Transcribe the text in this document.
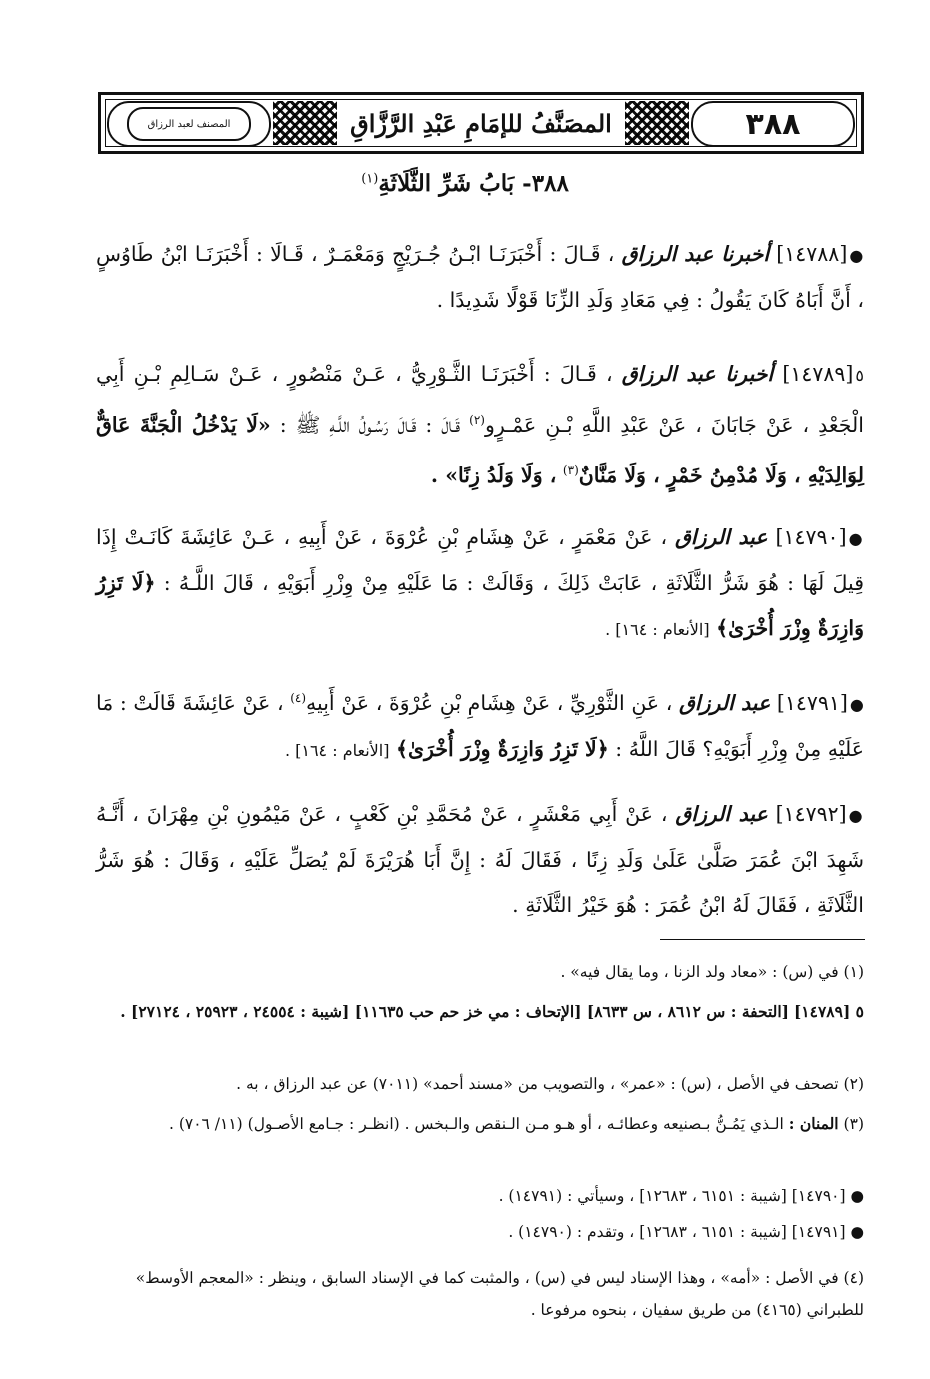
٣٨٨
المصَنَّفُ للإمَامِ عَبْدِ الرَّزَّاقِ
المصنف لعبد الرزاق
٣٨٨- بَابُ شَرِّ الثَّلَاثَةِ$^{(١)}$
●[١٤٧٨٨] أخبرنا عبد الرزاق ، قَـالَ : أَخْبَرَنَـا ابْـنُ جُـرَيْجٍ وَمَعْمَـرٌ ، قَـالَا : أَخْبَرَنَـا ابْنُ طَاوُسٍ ، أَنَّ أَبَاهُ كَانَ يَقُولُ : فِي مَعَادِ وَلَدِ الزِّنَا قَوْلًا شَدِيدًا .
٥[١٤٧٨٩] أخبرنا عبد الرزاق ، قَـالَ : أَخْبَرَنَـا الثَّـوْرِيُّ ، عَـنْ مَنْصُورٍ ، عَـنْ سَـالِمِ بْـنِ أَبِي الْجَعْدِ ، عَنْ جَابَانَ ، عَنْ عَبْدِ اللَّهِ بْـنِ عَمْـرٍو$^{(٢)}$ قَـالَ : قَـالَ رَسُـولُ اللَّـهِ ﷺ : «لَا يَدْخُلُ الْجَنَّةَ عَاقٌّ لِوَالِدَيْهِ ، وَلَا مُدْمِنُ خَمْرٍ ، وَلَا مَنَّانٌ$^{(٣)}$ ، وَلَا وَلَدُ زِنًا» .
●[١٤٧٩٠] عبد الرزاق ، عَنْ مَعْمَرٍ ، عَنْ هِشَامِ بْنِ عُرْوَةَ ، عَنْ أَبِيهِ ، عَـنْ عَائِشَةَ كَانَـتْ إِذَا قِيلَ لَهَا : هُوَ شَرُّ الثَّلَاثَةِ ، عَابَتْ ذَلِكَ ، وَقَالَتْ : مَا عَلَيْهِ مِنْ وِزْرِ أَبَوَيْهِ ، قَالَ اللَّـهُ : ﴿لَا تَزِرُ وَازِرَةٌ وِزْرَ أُخْرَىٰ﴾ [الأنعام : ١٦٤] .
●[١٤٧٩١] عبد الرزاق ، عَنِ الثَّوْرِيِّ ، عَنْ هِشَامِ بْنِ عُرْوَةَ ، عَنْ أَبِيهِ$^{(٤)}$ ، عَنْ عَائِشَةَ قَالَتْ : مَا عَلَيْهِ مِنْ وِزْرِ أَبَوَيْهِ؟ قَالَ اللَّهُ : ﴿لَا تَزِرُ وَازِرَةٌ وِزْرَ أُخْرَىٰ﴾ [الأنعام : ١٦٤] .
●[١٤٧٩٢] عبد الرزاق ، عَنْ أَبِي مَعْشَرٍ ، عَنْ مُحَمَّدِ بْنِ كَعْبٍ ، عَنْ مَيْمُونِ بْنِ مِهْرَانَ ، أَنَّـهُ شَهِدَ ابْنَ عُمَرَ صَلَّىٰ عَلَىٰ وَلَدِ زِنًا ، فَقَالَ لَهُ : إِنَّ أَبَا هُرَيْرَةَ لَمْ يُصَلِّ عَلَيْهِ ، وَقَالَ : هُوَ شَرُّ الثَّلَاثَةِ ، فَقَالَ لَهُ ابْنُ عُمَرَ : هُوَ خَيْرُ الثَّلَاثَةِ .
(١) في (س) : «معاد ولد الزنا ، وما يقال فيه» .
٥ [١٤٧٨٩] [التحفة : س ٨٦١٢ ، س ٨٦٣٣] [الإتحاف : مي خز حم حب ١١٦٣٥] [شيبة : ٢٤٥٥٤ ، ٢٥٩٢٣ ، ٢٧١٢٤] .
(٢) تصحف في الأصل ، (س) : «عمر» ، والتصويب من «مسند أحمد» (٧٠١١) عن عبد الرزاق ، به .
(٣) المنان : الـذي يَمُـنُّ بـصنيعه وعطائـه ، أو هـو مـن الـنقص والـبخس . (انظـر : جـامع الأصـول) (١١/ ٧٠٦) .
● [١٤٧٩٠] [شيبة : ٦١٥١ ، ١٢٦٨٣] ، وسيأتي : (١٤٧٩١) .
● [١٤٧٩١] [شيبة : ٦١٥١ ، ١٢٦٨٣] ، وتقدم : (١٤٧٩٠) .
(٤) في الأصل : «أمه» ، وهذا الإسناد ليس في (س) ، والمثبت كما في الإسناد السابق ، وينظر : «المعجم الأوسط» للطبراني (٤١٦٥) من طريق سفيان ، بنحوه مرفوعا .
